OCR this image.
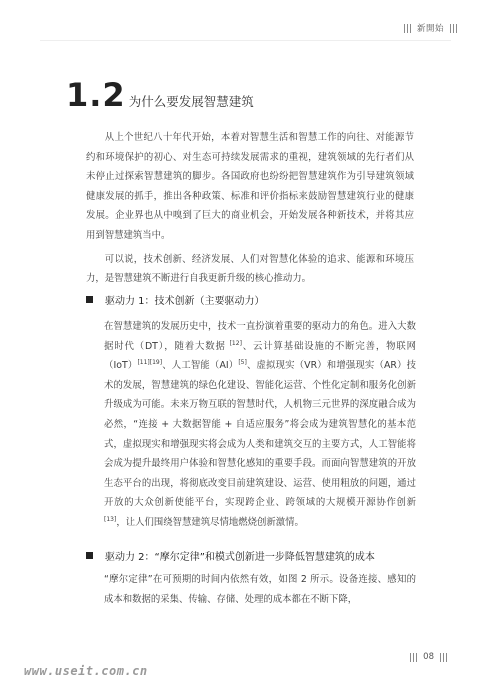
新開始
1.2 为什么要发展智慧建筑

从上个世纪八十年代开始，本着对智慧生活和智慧工作的向往、对能源节约和环境保护的初心、对生态可持续发展需求的重视，建筑领域的先行者们从未停止过探索智慧建筑的脚步。各国政府也纷纷把智慧建筑作为引导建筑领域健康发展的抓手，推出各种政策、标准和评价指标来鼓励智慧建筑行业的健康发展。企业界也从中嗅到了巨大的商业机会，开始发展各种新技术，并将其应用到智慧建筑当中。

可以说，技术创新、经济发展、人们对智慧化体验的追求、能源和环境压力，是智慧建筑不断进行自我更新升级的核心推动力。

驱动力 1：技术创新（主要驱动力）

在智慧建筑的发展历史中，技术一直扮演着重要的驱动力的角色。进入大数据时代（DT），随着大数据 [12]、云计算基础设施的不断完善，物联网（IoT）[11][19]、人工智能（AI）[5]、虚拟现实（VR）和增强现实（AR）技术的发展，智慧建筑的绿色化建设、智能化运营、个性化定制和服务化创新升级成为可能。未来万物互联的智慧时代，人机物三元世界的深度融合成为必然，“连接 + 大数据智能 + 自适应服务”将会成为建筑智慧化的基本范式，虚拟现实和增强现实将会成为人类和建筑交互的主要方式，人工智能将会成为提升最终用户体验和智慧化感知的重要手段。而面向智慧建筑的开放生态平台的出现，将彻底改变目前建筑建设、运营、使用粗放的问题，通过开放的大众创新使能平台，实现跨企业、跨领域的大规模开源协作创新 [13]，让人们围绕智慧建筑尽情地燃烧创新激情。

驱动力 2：“摩尔定律”和模式创新进一步降低智慧建筑的成本

“摩尔定律”在可预期的时间内依然有效，如图 2 所示。设备连接、感知的成本和数据的采集、传输、存储、处理的成本都在不断下降，

08
www.useit.com.cn
